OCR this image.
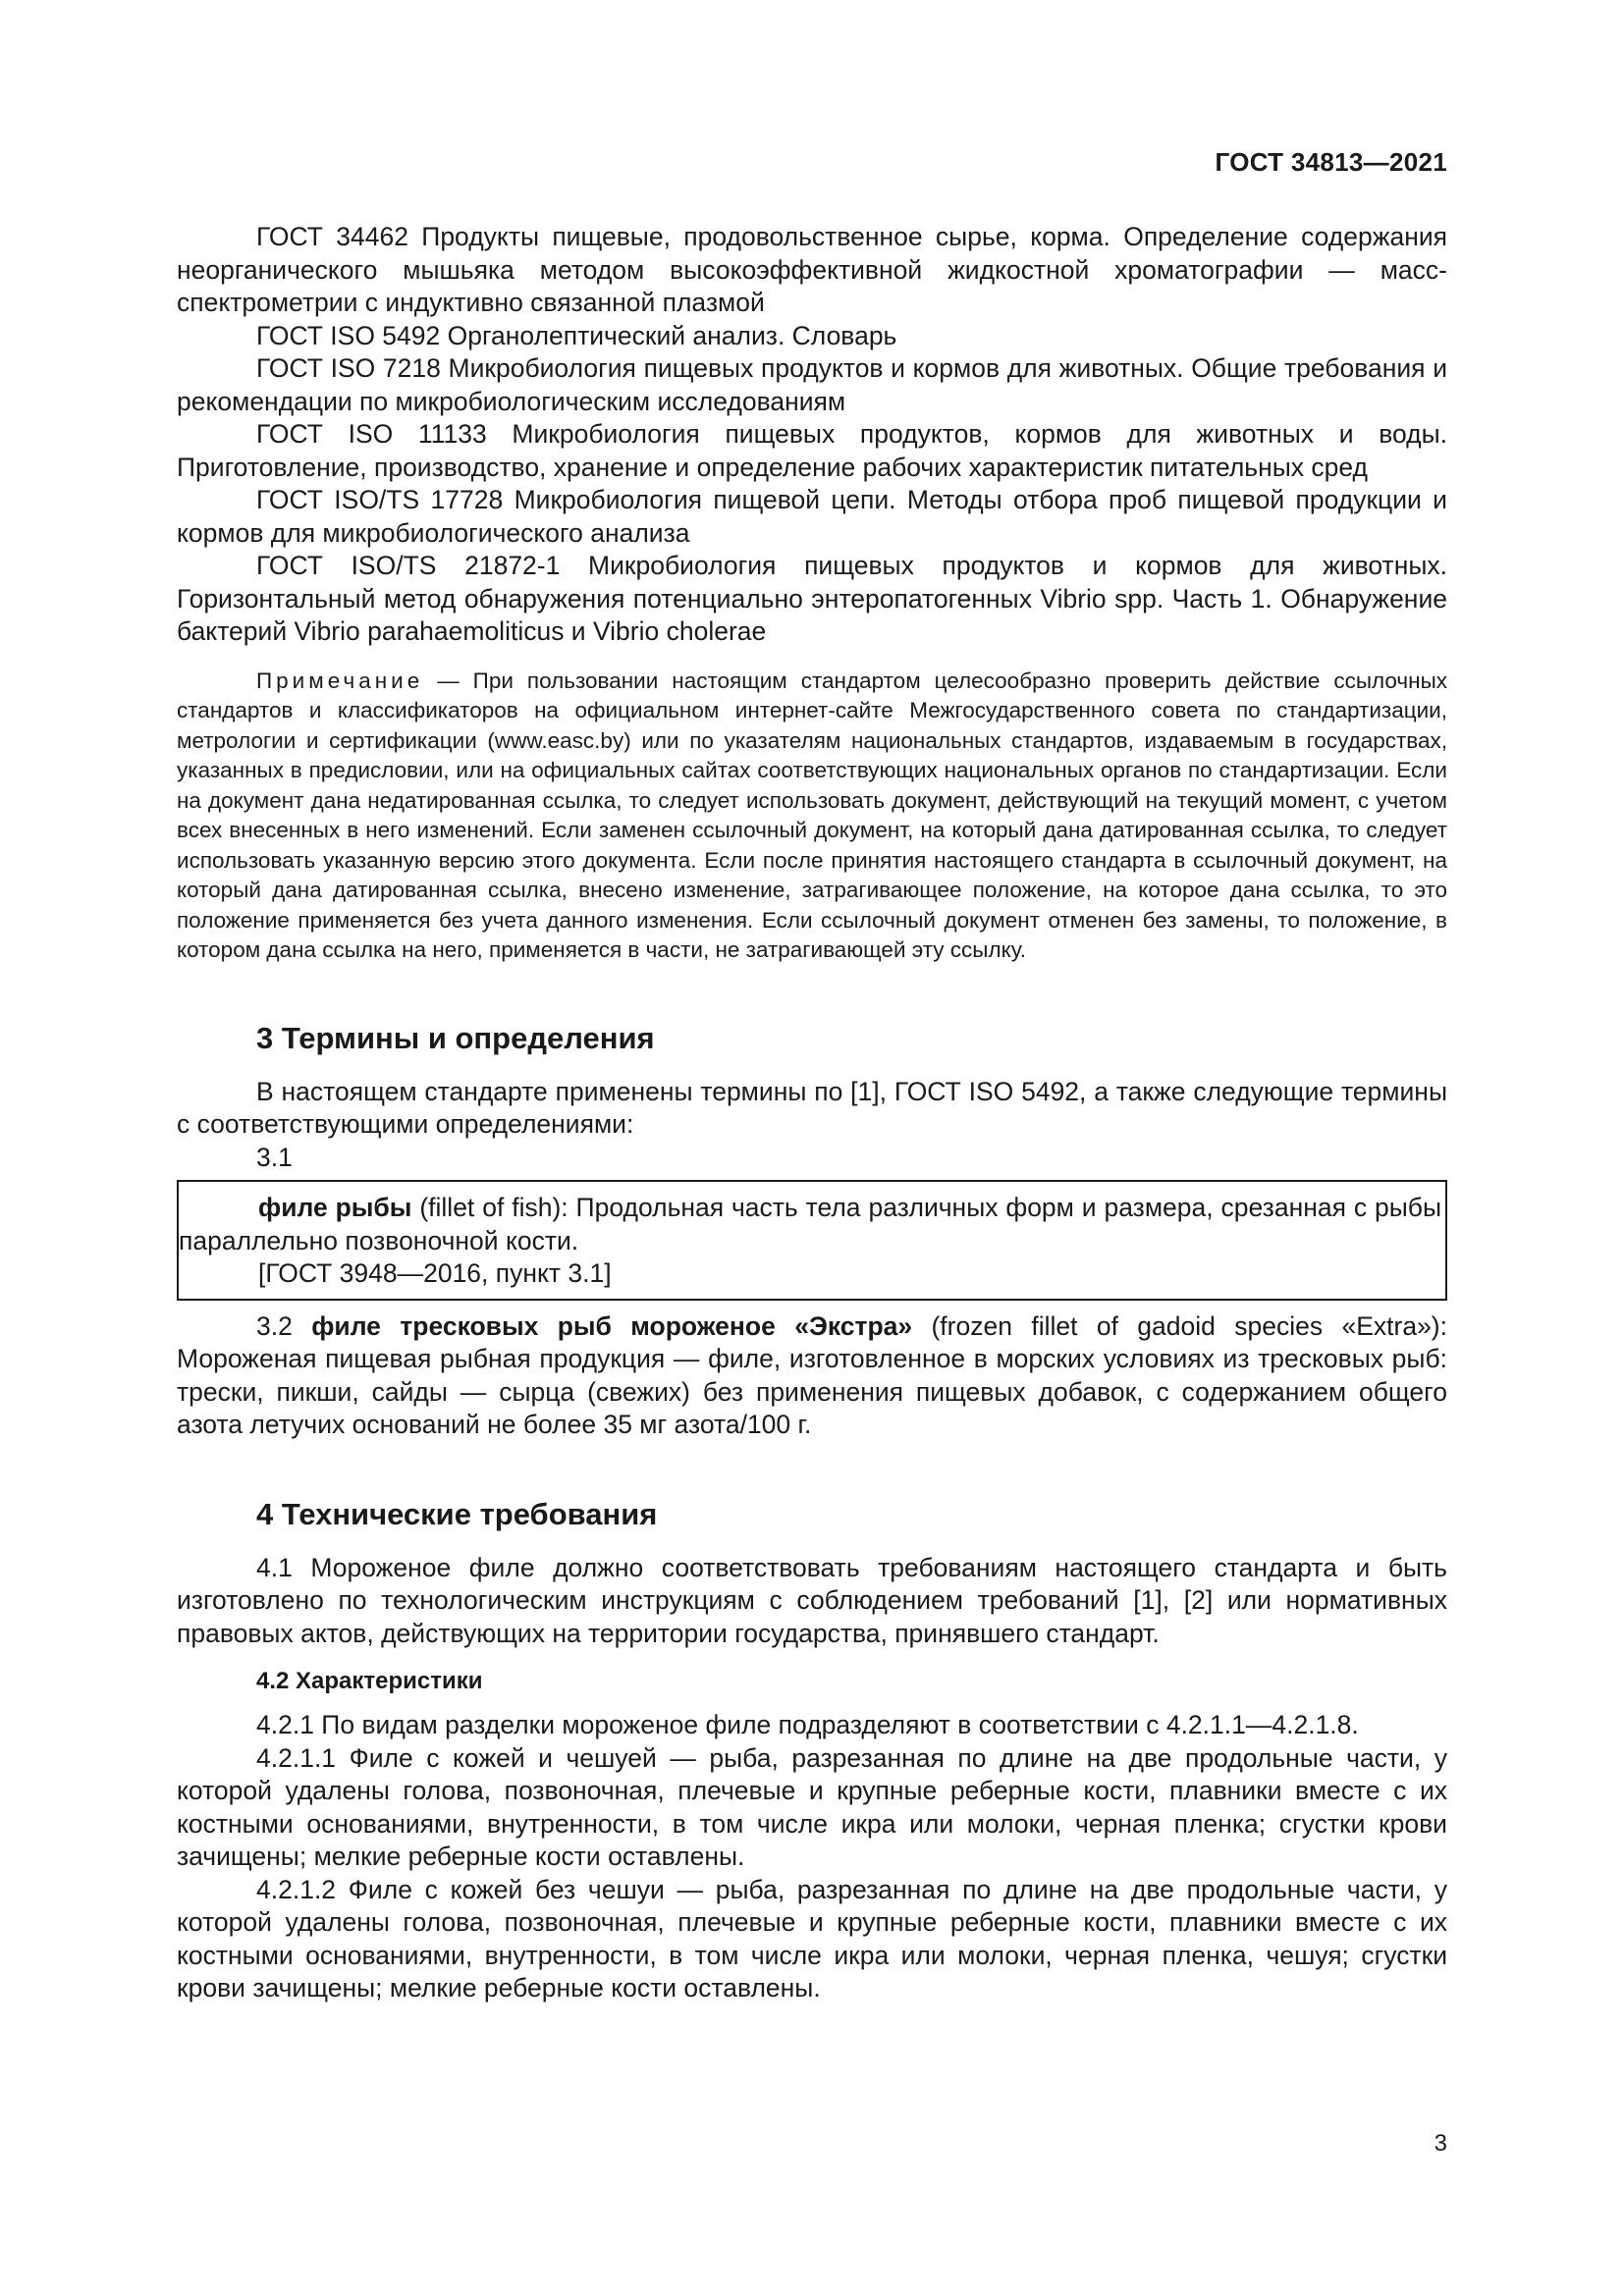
ГОСТ 34813—2021

ГОСТ 34462 Продукты пищевые, продовольственное сырье, корма. Определение содержания неорганического мышьяка методом высокоэффективной жидкостной хроматографии — масс-спектрометрии с индуктивно связанной плазмой

ГОСТ ISO 5492 Органолептический анализ. Словарь

ГОСТ ISO 7218 Микробиология пищевых продуктов и кормов для животных. Общие требования и рекомендации по микробиологическим исследованиям

ГОСТ ISO 11133 Микробиология пищевых продуктов, кормов для животных и воды. Приготовление, производство, хранение и определение рабочих характеристик питательных сред

ГОСТ ISO/TS 17728 Микробиология пищевой цепи. Методы отбора проб пищевой продукции и кормов для микробиологического анализа

ГОСТ ISO/TS 21872-1 Микробиология пищевых продуктов и кормов для животных. Горизонтальный метод обнаружения потенциально энтеропатогенных Vibrio spp. Часть 1. Обнаружение бактерий Vibrio parahaemoliticus и Vibrio cholerae

Примечание — При пользовании настоящим стандартом целесообразно проверить действие ссылочных стандартов и классификаторов на официальном интернет-сайте Межгосударственного совета по стандартизации, метрологии и сертификации (www.easc.by) или по указателям национальных стандартов, издаваемым в государствах, указанных в предисловии, или на официальных сайтах соответствующих национальных органов по стандартизации. Если на документ дана недатированная ссылка, то следует использовать документ, действующий на текущий момент, с учетом всех внесенных в него изменений. Если заменен ссылочный документ, на который дана датированная ссылка, то следует использовать указанную версию этого документа. Если после принятия настоящего стандарта в ссылочный документ, на который дана датированная ссылка, внесено изменение, затрагивающее положение, на которое дана ссылка, то это положение применяется без учета данного изменения. Если ссылочный документ отменен без замены, то положение, в котором дана ссылка на него, применяется в части, не затрагивающей эту ссылку.

3 Термины и определения

В настоящем стандарте применены термины по [1], ГОСТ ISO 5492, а также следующие термины с соответствующими определениями:

3.1

филе рыбы (fillet of fish): Продольная часть тела различных форм и размера, срезанная с рыбы параллельно позвоночной кости.

[ГОСТ 3948—2016, пункт 3.1]

3.2 филе тресковых рыб мороженое «Экстра» (frozen fillet of gadoid species «Extra»): Мороженая пищевая рыбная продукция — филе, изготовленное в морских условиях из тресковых рыб: трески, пикши, сайды — сырца (свежих) без применения пищевых добавок, с содержанием общего азота летучих оснований не более 35 мг азота/100 г.

4 Технические требования

4.1 Мороженое филе должно соответствовать требованиям настоящего стандарта и быть изготовлено по технологическим инструкциям с соблюдением требований [1], [2] или нормативных правовых актов, действующих на территории государства, принявшего стандарт.

4.2 Характеристики

4.2.1 По видам разделки мороженое филе подразделяют в соответствии с 4.2.1.1—4.2.1.8.

4.2.1.1 Филе с кожей и чешуей — рыба, разрезанная по длине на две продольные части, у которой удалены голова, позвоночная, плечевые и крупные реберные кости, плавники вместе с их костными основаниями, внутренности, в том числе икра или молоки, черная пленка; сгустки крови зачищены; мелкие реберные кости оставлены.

4.2.1.2 Филе с кожей без чешуи — рыба, разрезанная по длине на две продольные части, у которой удалены голова, позвоночная, плечевые и крупные реберные кости, плавники вместе с их костными основаниями, внутренности, в том числе икра или молоки, черная пленка, чешуя; сгустки крови зачищены; мелкие реберные кости оставлены.

3
